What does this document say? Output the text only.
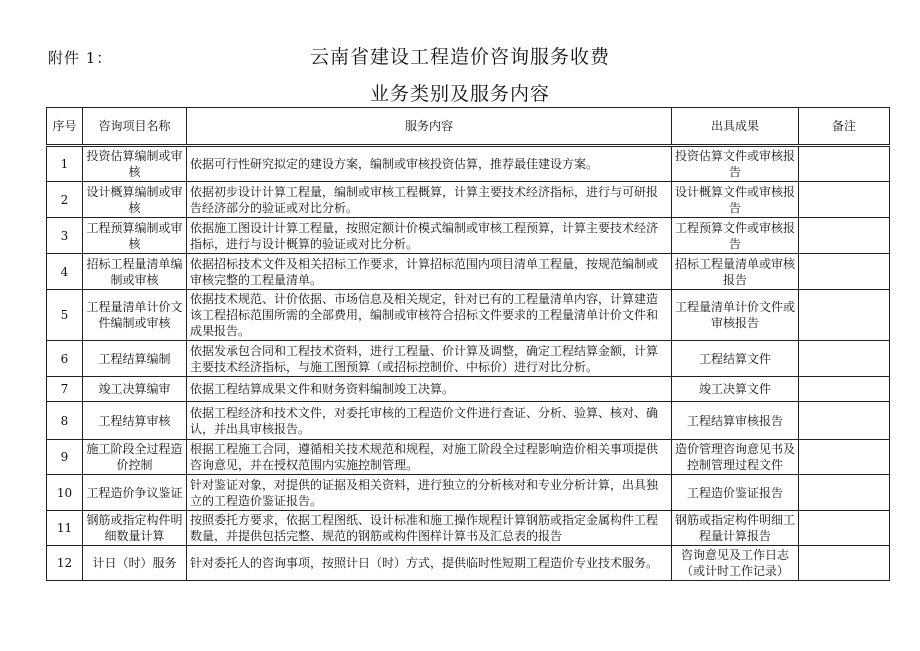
附件 1：	云南省建设工程造价咨询服务收费
业务类别及服务内容
序号	咨询项目名称	服务内容	出具成果	备注
1	投资估算编制或审核	依据可行性研究拟定的建设方案，编制或审核投资估算，推荐最佳建设方案。	投资估算文件或审核报告	
2	设计概算编制或审核	依据初步设计计算工程量，编制或审核工程概算，计算主要技术经济指标，进行与可研报告经济部分的验证或对比分析。	设计概算文件或审核报告	
3	工程预算编制或审核	依据施工图设计计算工程量，按照定额计价模式编制或审核工程预算，计算主要技术经济指标，进行与设计概算的验证或对比分析。	工程预算文件或审核报告	
4	招标工程量清单编制或审核	依据招标技术文件及相关招标工作要求，计算招标范围内项目清单工程量，按规范编制或审核完整的工程量清单。	招标工程量清单或审核报告	
5	工程量清单计价文件编制或审核	依据技术规范、计价依据、市场信息及相关规定，针对已有的工程量清单内容，计算建造该工程招标范围所需的全部费用，编制或审核符合招标文件要求的工程量清单计价文件和成果报告。	工程量清单计价文件或审核报告	
6	工程结算编制	依据发承包合同和工程技术资料，进行工程量、价计算及调整，确定工程结算金额，计算主要技术经济指标，与施工图预算（或招标控制价、中标价）进行对比分析。	工程结算文件	
7	竣工决算编审	依据工程结算成果文件和财务资料编制竣工决算。	竣工决算文件	
8	工程结算审核	依据工程经济和技术文件，对委托审核的工程造价文件进行查证、分析、验算、核对、确认，并出具审核报告。	工程结算审核报告	
9	施工阶段全过程造价控制	根据工程施工合同，遵循相关技术规范和规程，对施工阶段全过程影响造价相关事项提供咨询意见，并在授权范围内实施控制管理。	造价管理咨询意见书及控制管理过程文件	
10	工程造价争议鉴证	针对鉴证对象，对提供的证据及相关资料，进行独立的分析核对和专业分析计算，出具独立的工程造价鉴证报告。	工程造价鉴证报告	
11	钢筋或指定构件明细数量计算	按照委托方要求，依据工程图纸、设计标准和施工操作规程计算钢筋或指定金属构件工程数量，并提供包括完整、规范的钢筋或构件图样计算书及汇总表的报告	钢筋或指定构件明细工程量计算报告	
12	计日（时）服务	针对委托人的咨询事项，按照计日（时）方式，提供临时性短期工程造价专业技术服务。	咨询意见及工作日志（或计时工作记录）	
